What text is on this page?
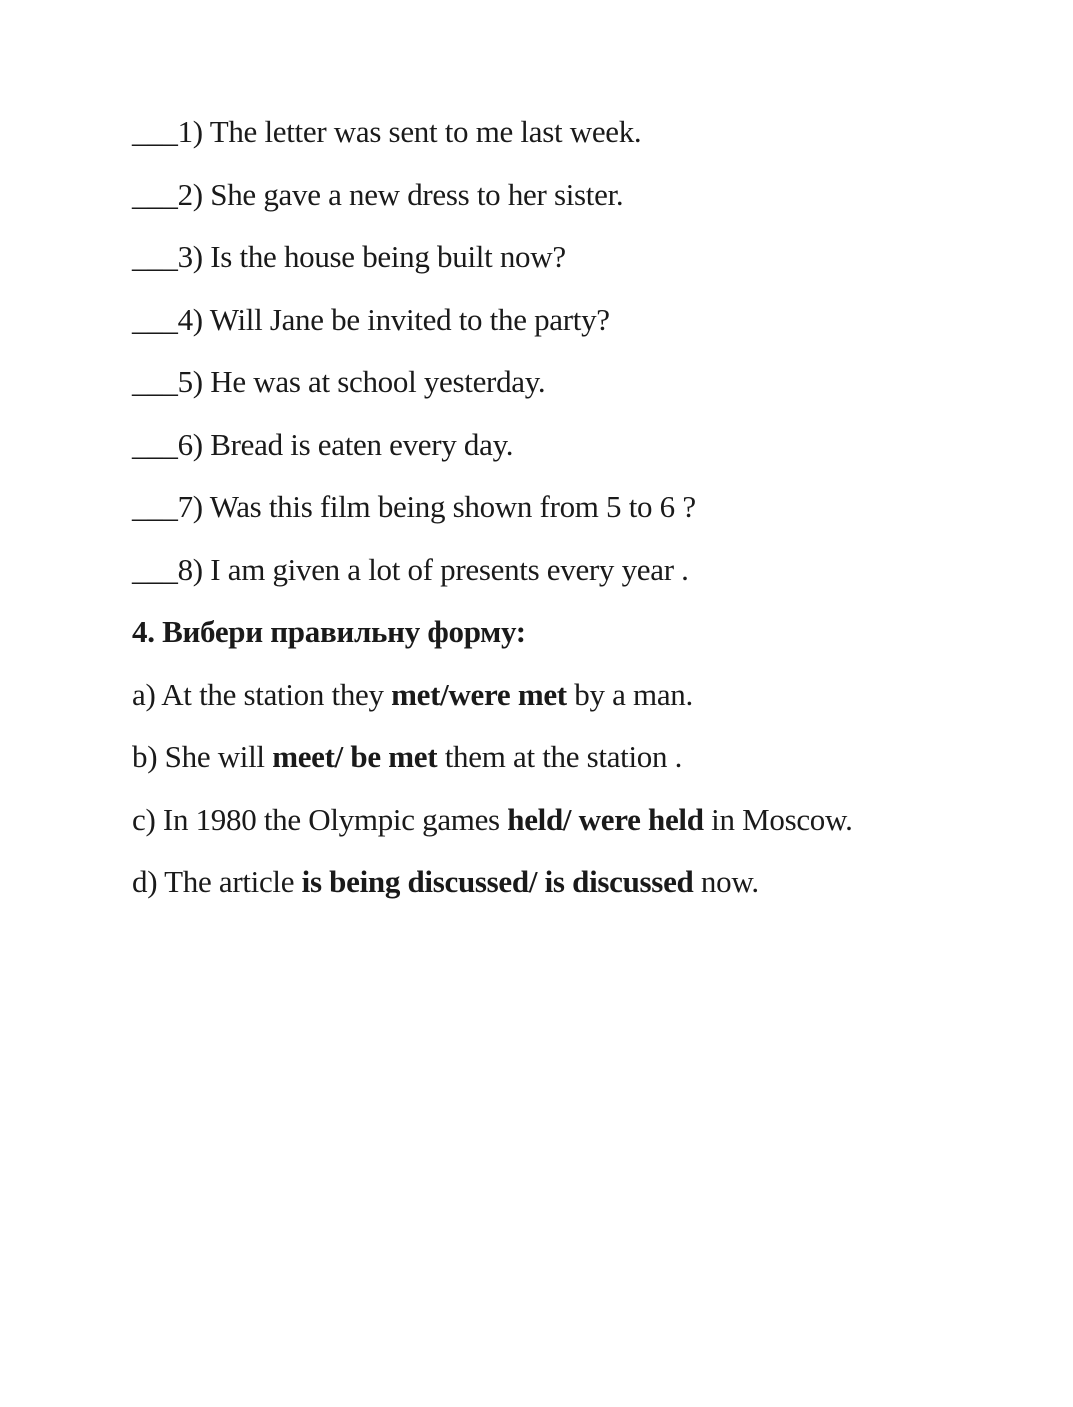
___1) The letter was sent to me last week.
___2) She gave a new dress to her sister.
___3) Is the house being built now?
___4) Will Jane be invited to the party?
___5) He was at school yesterday.
___6) Bread is eaten every day.
___7) Was this film being shown from 5 to 6 ?
___8) I am given a lot of presents every year .
4. Вибери правильну форму:
a) At the station they met/were met by a man.
b) She will meet/ be met them at the station .
c) In 1980 the Olympic games held/ were held in Moscow.
d) The article is being discussed/ is discussed now.
